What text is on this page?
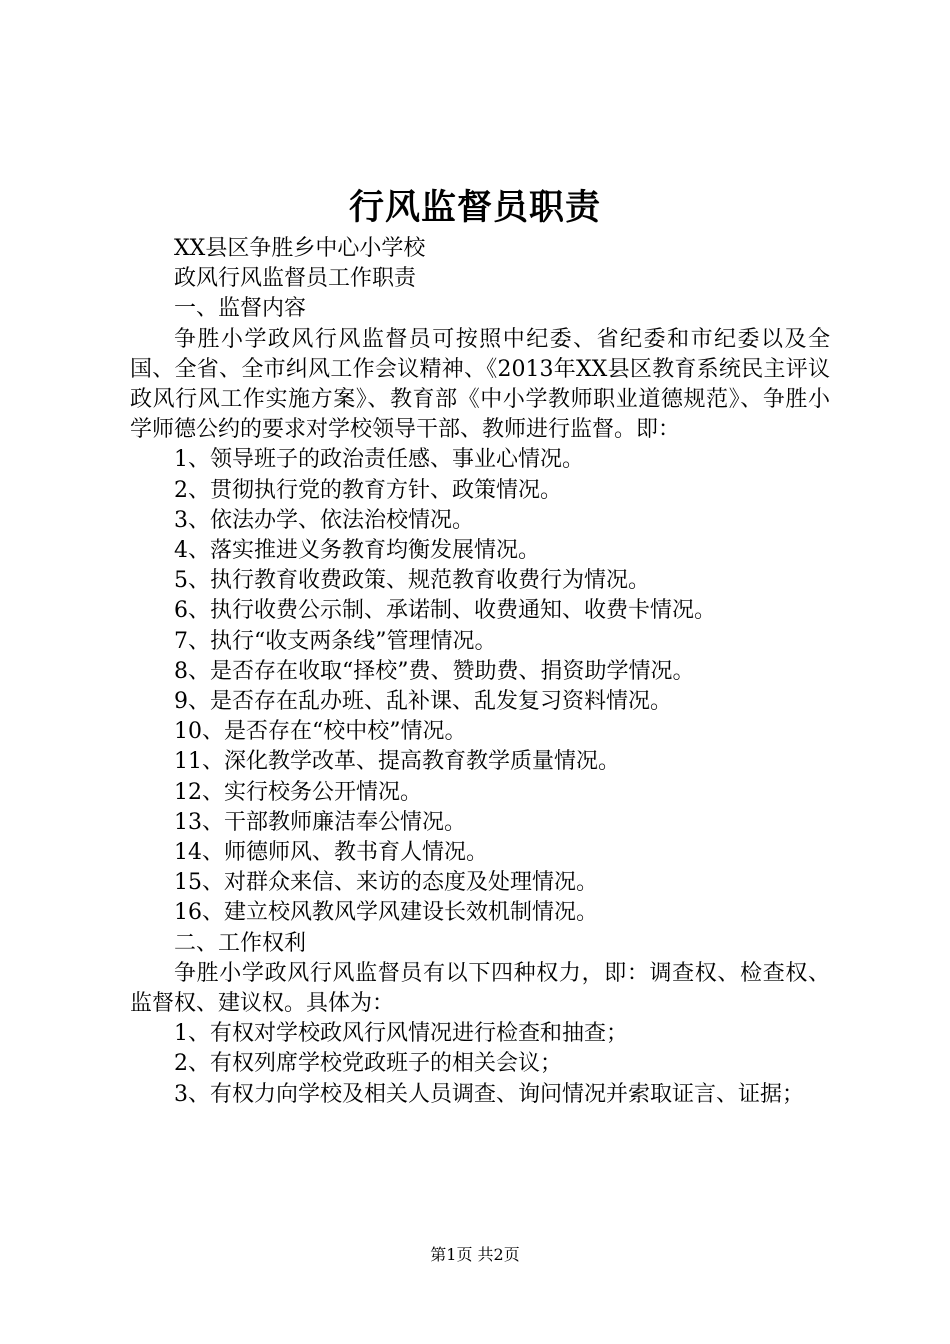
行风监督员职责

XX县区争胜乡中心小学校

政风行风监督员工作职责

一、监督内容

争胜小学政风行风监督员可按照中纪委、省纪委和市纪委以及全国、全省、全市纠风工作会议精神、《2013年XX县区教育系统民主评议政风行风工作实施方案》、教育部《中小学教师职业道德规范》、争胜小学师德公约的要求对学校领导干部、教师进行监督。即：

1、领导班子的政治责任感、事业心情况。

2、贯彻执行党的教育方针、政策情况。

3、依法办学、依法治校情况。

4、落实推进义务教育均衡发展情况。

5、执行教育收费政策、规范教育收费行为情况。

6、执行收费公示制、承诺制、收费通知、收费卡情况。

7、执行“收支两条线”管理情况。

8、是否存在收取“择校”费、赞助费、捐资助学情况。

9、是否存在乱办班、乱补课、乱发复习资料情况。

10、是否存在“校中校”情况。

11、深化教学改革、提高教育教学质量情况。

12、实行校务公开情况。

13、干部教师廉洁奉公情况。

14、师德师风、教书育人情况。

15、对群众来信、来访的态度及处理情况。

16、建立校风教风学风建设长效机制情况。

二、工作权利

争胜小学政风行风监督员有以下四种权力，即：调查权、检查权、监督权、建议权。具体为：

1、有权对学校政风行风情况进行检查和抽查；

2、有权列席学校党政班子的相关会议；

3、有权力向学校及相关人员调查、询问情况并索取证言、证据；

第1页 共2页
